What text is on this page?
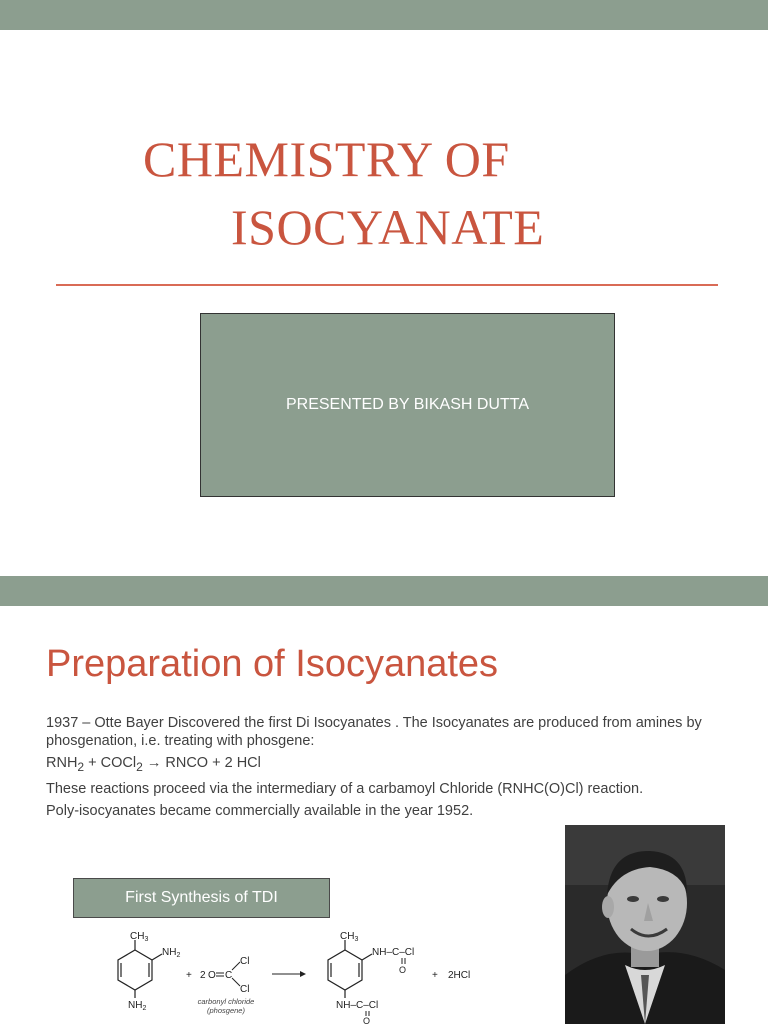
CHEMISTRY OF
ISOCYANATE
PRESENTED BY BIKASH DUTTA
Preparation of Isocyanates

1937 – Otte Bayer Discovered the first Di Isocyanates . The Isocyanates are produced from amines by phosgenation, i.e. treating with phosgene:

$RNH_2$ + COCl$_2$ → RNCO + 2 HCl

These reactions proceed via the intermediary of a carbamoyl Chloride (RNHC(O)Cl) reaction.

Poly-isocyanates became commercially available in the year 1952.

First Synthesis of TDI
$CH_3$
$NH_2$
$NH_2$
+ 2 O C
Cl
Cl
carbonyl chloride
(phosgene)
$CH_3$
NH–C–Cl
O
NH–C–Cl
O
+ 2HCl
